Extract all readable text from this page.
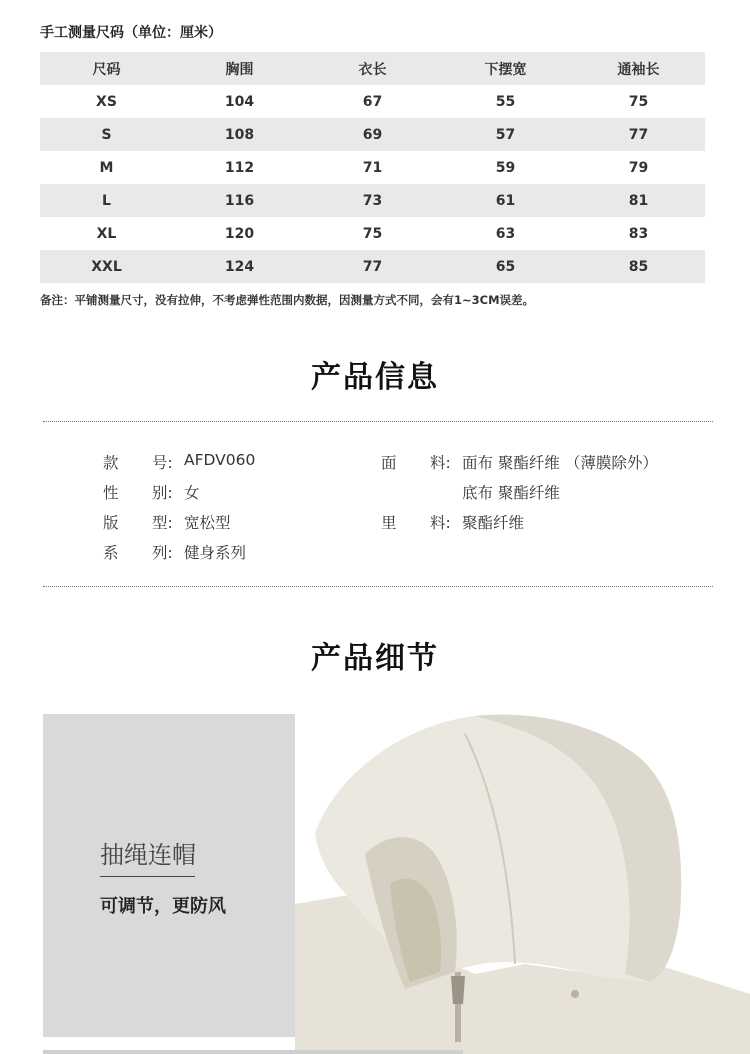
手工测量尺码（单位：厘米）
尺码	胸围	衣长	下摆宽	通袖长
XS	104	67	55	75
S	108	69	57	77
M	112	71	59	79
L	116	73	61	81
XL	120	75	63	83
XXL	124	77	65	85
备注：平铺测量尺寸，没有拉伸，不考虑弹性范围内数据，因测量方式不同，会有1~3CM误差。
产品信息
款 号: AFDV060
性 别: 女
版 型: 宽松型
系 列: 健身系列
面 料: 面布 聚酯纤维 （薄膜除外）
底布 聚酯纤维
里 料: 聚酯纤维
产品细节
抽绳连帽
可调节，更防风
